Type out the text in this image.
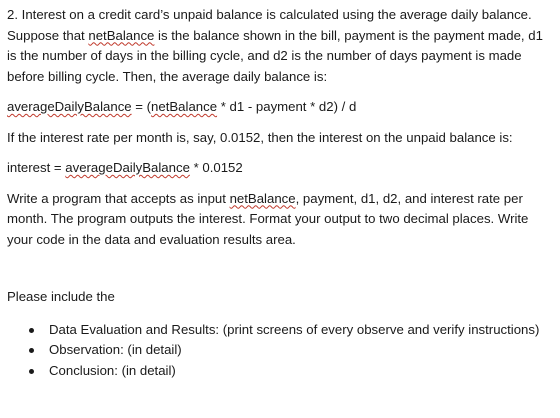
2. Interest on a credit card’s unpaid balance is calculated using the average daily balance. Suppose that netBalance is the balance shown in the bill, payment is the payment made, d1 is the number of days in the billing cycle, and d2 is the number of days payment is made before billing cycle. Then, the average daily balance is:

averageDailyBalance = (netBalance * d1 - payment * d2) / d

If the interest rate per month is, say, 0.0152, then the interest on the unpaid balance is:

interest = averageDailyBalance * 0.0152

Write a program that accepts as input netBalance, payment, d1, d2, and interest rate per month. The program outputs the interest. Format your output to two decimal places. Write your code in the data and evaluation results area.

Please include the

Data Evaluation and Results: (print screens of every observe and verify instructions)
Observation: (in detail)
Conclusion: (in detail)
